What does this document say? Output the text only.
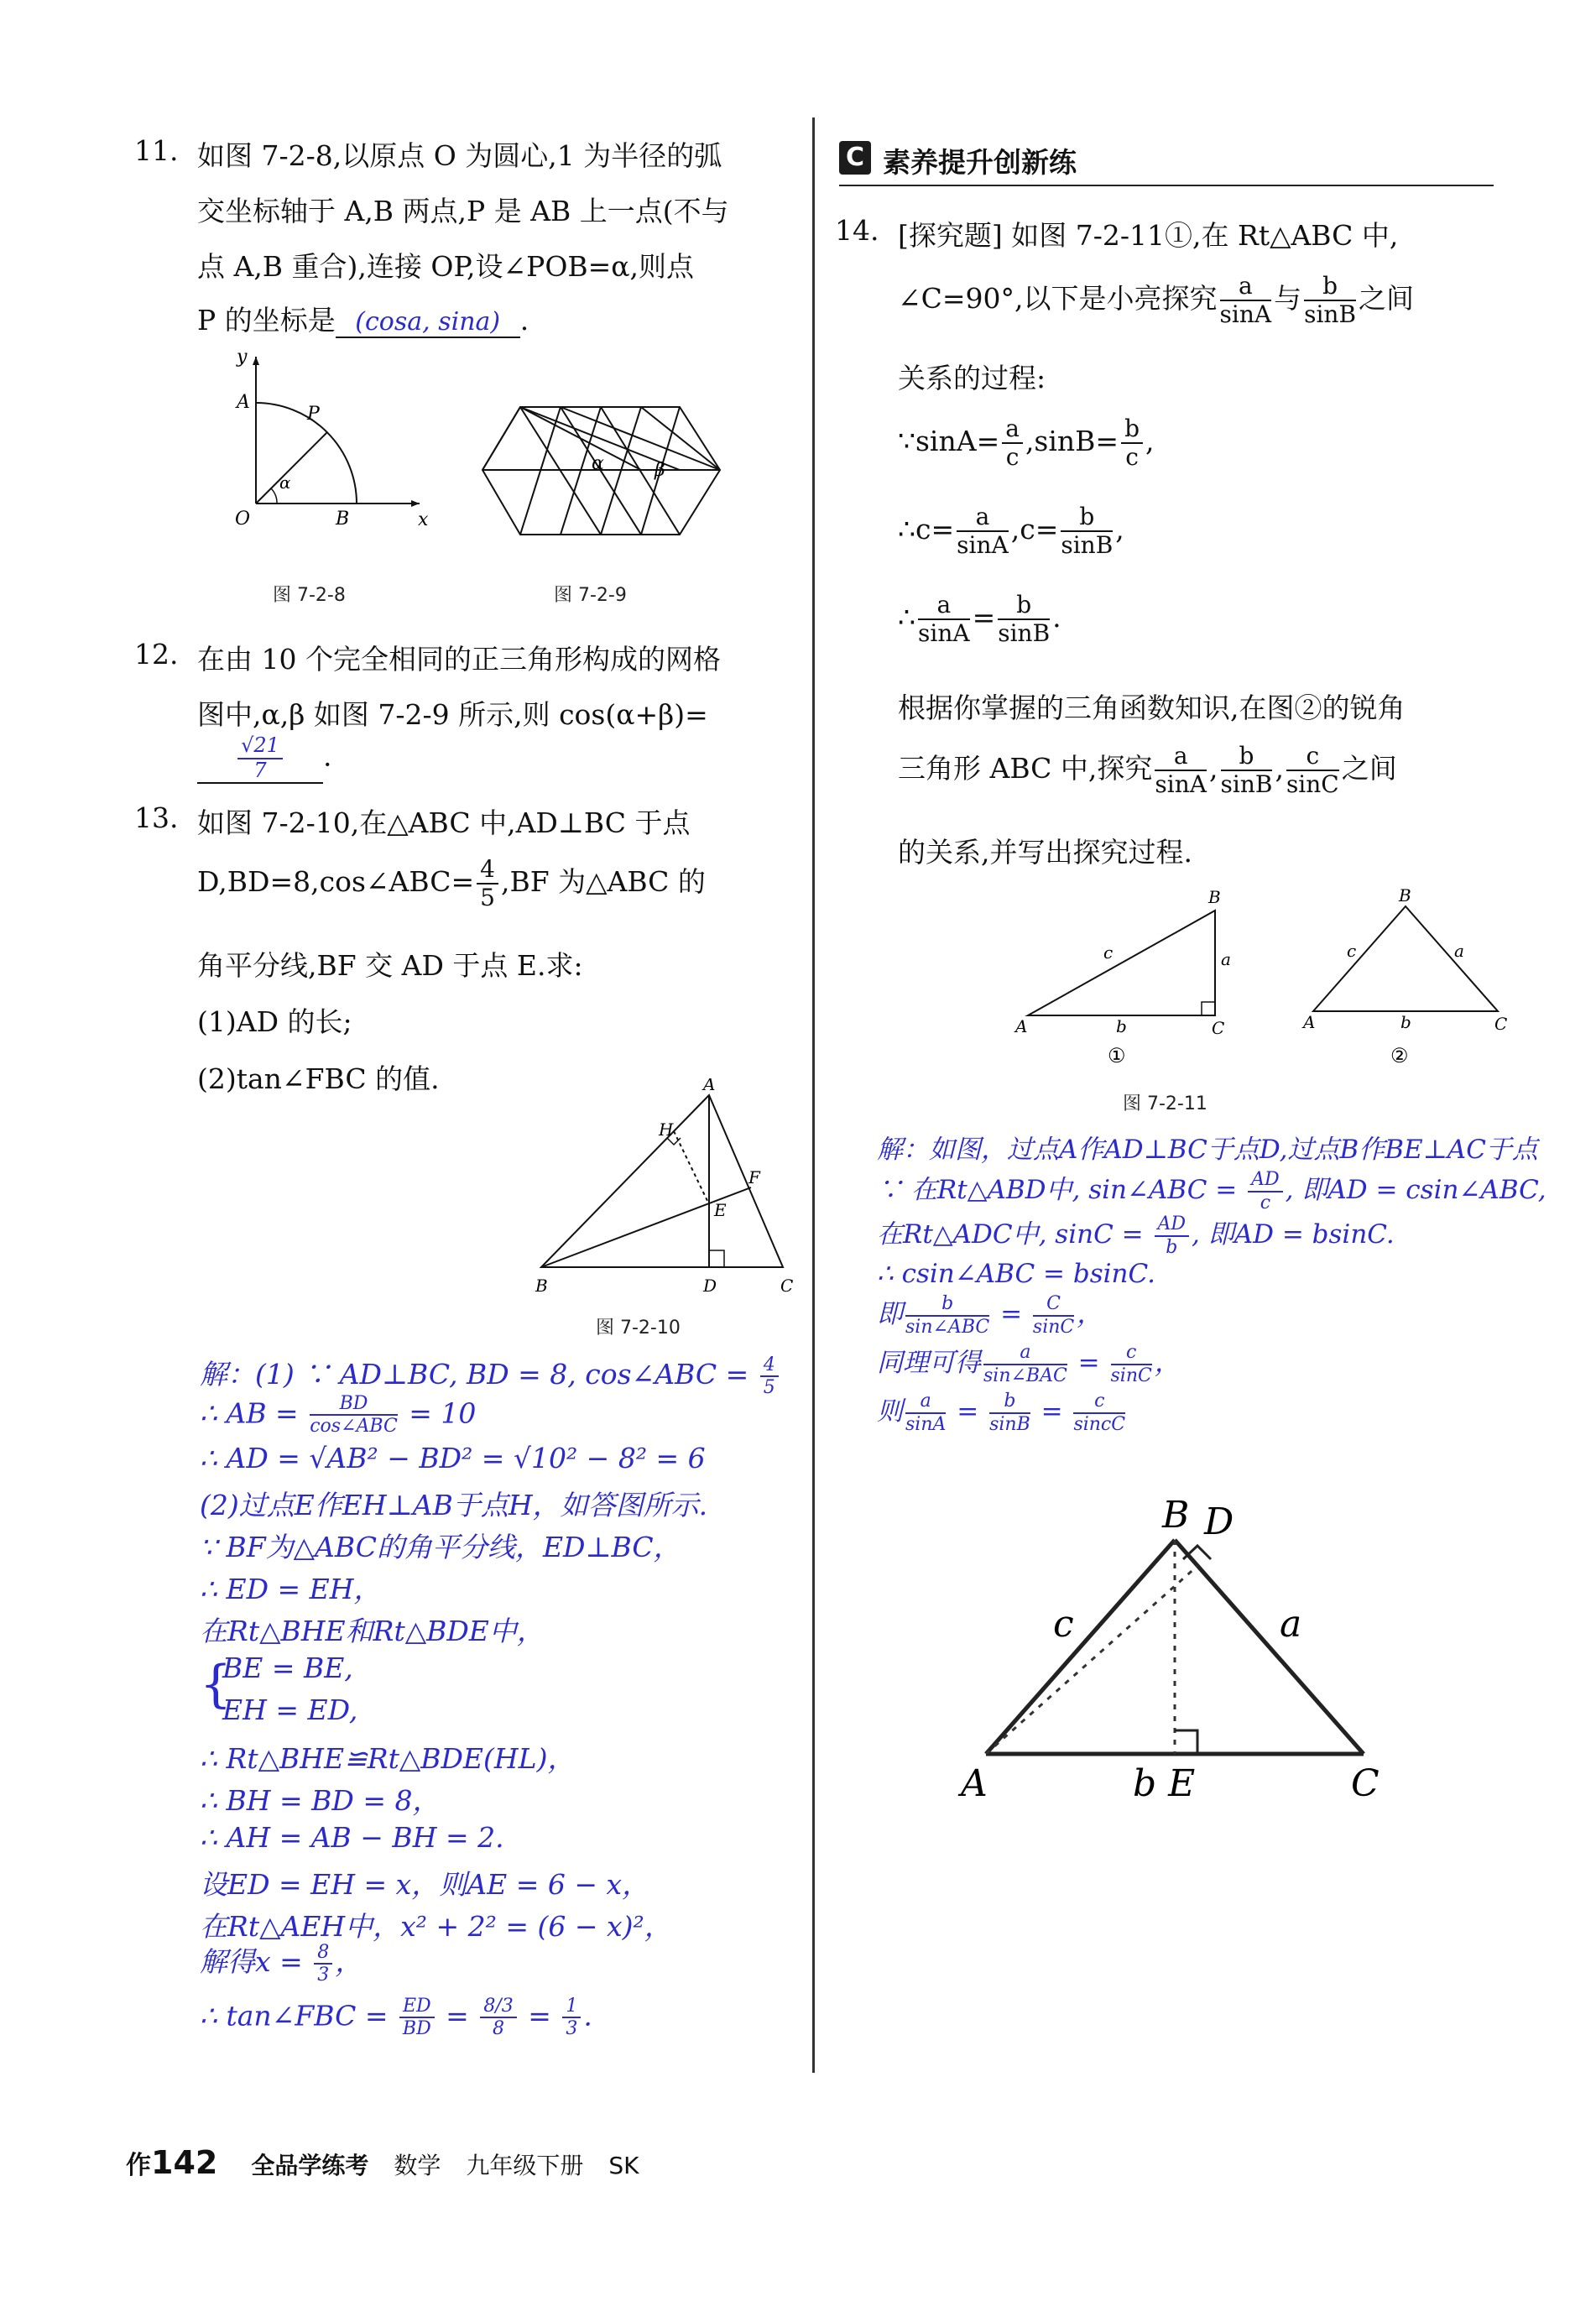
11. 如图 7-2-8,以原点 O 为圆心,1 为半径的弧
交坐标轴于 A,B 两点,P 是 AB 上一点(不与
点 A,B 重合),连接 OP,设∠POB=α,则点
P 的坐标是 (cosa, sina) .
y
x
A
P
O	B
α
α	β
图 7-2-8	图 7-2-9
12. 在由 10 个完全相同的正三角形构成的网格
图中,α,β 如图 7-2-9 所示,则 cos(α+β)=
$\frac{√21}{7}$ .
13. 如图 7-2-10,在△ABC 中,AD⊥BC 于点
D,BD=8,cos∠ABC= $\frac{4}{5} ,BF$ 为△ABC 的
角平分线,BF 交 AD 于点 E.求:
(1)AD 的长;
(2)tan∠FBC 的值.	A
H
F
E
B	D	C
图 7-2-10
解：(1) ∵ AD⊥BC, BD = 8, cos∠ABC = $\frac{4}{5}$
∴ AB = $\frac{BD}{\text{cos∠ABC}} = 10$
∴ AD = √AB² − BD² = √10² − 8² = 6
(2)过点E作EH⊥AB于点H，如答图所示.
∵ BF为△ABC的角平分线，ED⊥BC，
∴ ED = EH，
在Rt△BHE和Rt△BDE中，
{
BE = BE,
EH = ED,
∴ Rt△BHE≌Rt△BDE(HL)，
∴ BH = BD = 8，
∴ AH = AB − BH = 2.
设ED = EH = x，则AE = 6 − x，
在Rt△AEH中，x² + 2² = (6 − x)²，
解得$x = \frac{8}{3}$ ，
∴ tan∠FBC = $\frac{ED}{BD} = \frac{8/3}{8} = \frac{1}{3}$ .
C 素养提升创新练
14. [探究题] 如图 7-2-11①,在 Rt△ABC 中,
∠C=90°,以下是小亮探究 $\frac{a}{\sin A}$ 与 $\frac{b}{\sin B}$ 之间
关系的过程:
∵sinA= $\frac{a}{c} ,\sin B= \frac{b}{c}$ ,
∴c= $\frac{a}{\sin A} ,c= \frac{b}{\sin B}$ ,
∴ $\frac{a}{\sin A} = \frac{b}{\sin B}$ .
根据你掌握的三角函数知识,在图②的锐角
三角形 ABC 中,探究 $\frac{a}{\sin A}$ , $\frac{b}{\sin B}$ , $\frac{c}{\sin C}$ 之间
的关系,并写出探究过程.
B
a
c
A	b	C
①
B
c	a
A	b	C
②
图 7-2-11
解：如图，过点A作AD⊥BC于点D,过点B作BE⊥AC于点
∵ 在Rt△ABD中, sin∠ABC = $\frac{AD}{c}$ , 即AD = csin∠ABC,
在Rt△ADC中, $\sin C = \frac{AD}{b}$ , 即AD = bsinC.
∴ csin∠ABC = bsinC.
即 $\frac{b}{\text{sin∠ABC}} = \frac{C}{\sin C}$ ，
同理可得 $\frac{a}{\text{sin∠BAC}} = \frac{c}{\sin C}$ ，
则 $\frac{a}{\sin A} = \frac{b}{\sin B} = \frac{c}{\text{sincC}}$
B D
c	a
A	b E	C
作142 全品学练考 数学 九年级下册 SK
